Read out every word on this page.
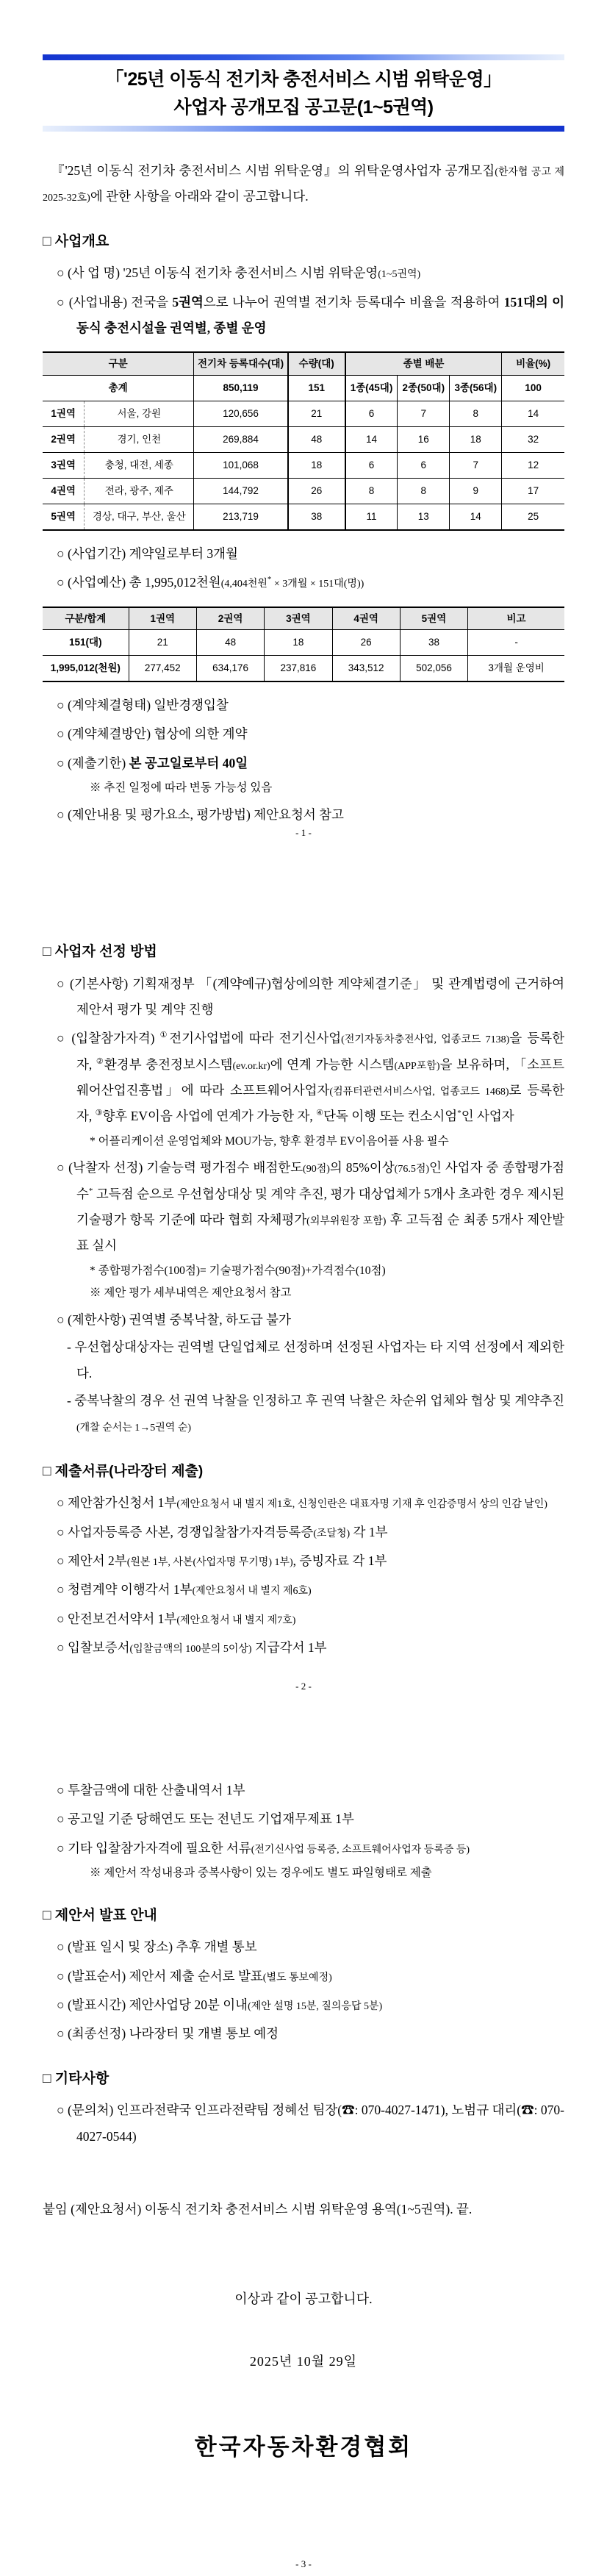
「'25년 이동식 전기차 충전서비스 시범 위탁운영」
사업자 공개모집 공고문(1~5권역)
『'25년 이동식 전기차 충전서비스 시범 위탁운영』의 위탁운영사업자 공개모집(한자협 공고 제2025-32호)에 관한 사항을 아래와 같이 공고합니다.
□ 사업개요
○ (사 업 명) '25년 이동식 전기차 충전서비스 시범 위탁운영(1~5권역)
○ (사업내용) 전국을 5권역으로 나누어 권역별 전기차 등록대수 비율을 적용하여 151대의 이동식 충전시설을 권역별, 종별 운영
구분		전기차 등록대수(대)	수량(대)	종별 배분			비율(%)
총계		850,119	151	1종(45대)	2종(50대)	3종(56대)	100
1권역	서울, 강원	120,656	21	6	7	8	14
2권역	경기, 인천	269,884	48	14	16	18	32
3권역	충청, 대전, 세종	101,068	18	6	6	7	12
4권역	전라, 광주, 제주	144,792	26	8	8	9	17
5권역	경상, 대구, 부산, 울산	213,719	38	11	13	14	25
○ (사업기간) 계약일로부터 3개월
○ (사업예산) 총 1,995,012천원(4,404천원* × 3개월 × 151대(명))
구분/합계	1권역	2권역	3권역	4권역	5권역	비고
151(대)	21	48	18	26	38	-
1,995,012(천원)	277,452	634,176	237,816	343,512	502,056	3개월 운영비
○ (계약체결형태) 일반경쟁입찰
○ (계약체결방안) 협상에 의한 계약
○ (제출기한) 본 공고일로부터 40일
※ 추진 일정에 따라 변동 가능성 있음
○ (제안내용 및 평가요소, 평가방법) 제안요청서 참고
- 1 -
□ 사업자 선정 방법
○ (기본사항) 기획재정부 「(계약예규)협상에의한 계약체결기준」 및 관계법령에 근거하여 제안서 평가 및 계약 진행
○ (입찰참가자격) ①전기사업법에 따라 전기신사업(전기자동차충전사업, 업종코드 7138)을 등록한 자, ②환경부 충전정보시스템(ev.or.kr)에 연계 가능한 시스템(APP포함)을 보유하며, 「소프트웨어산업진흥법」에 따라 소프트웨어사업자(컴퓨터관련서비스사업, 업종코드 1468)로 등록한 자, ③향후 EV이음 사업에 연계가 가능한 자, ④단독 이행 또는 컨소시엄*인 사업자
* 어플리케이션 운영업체와 MOU가능, 향후 환경부 EV이음어플 사용 필수
○ (낙찰자 선정) 기술능력 평가점수 배점한도(90점)의 85%이상(76.5점)인 사업자 중 종합평가점수* 고득점 순으로 우선협상대상 및 계약 추진, 평가 대상업체가 5개사 초과한 경우 제시된 기술평가 항목 기준에 따라 협회 자체평가(외부위원장 포함) 후 고득점 순 최종 5개사 제안발표 실시
* 종합평가점수(100점)= 기술평가점수(90점)+가격점수(10점)
※ 제안 평가 세부내역은 제안요청서 참고
○ (제한사항) 권역별 중복낙찰, 하도급 불가
- 우선협상대상자는 권역별 단일업체로 선정하며 선정된 사업자는 타 지역 선정에서 제외한다.
- 중복낙찰의 경우 선 권역 낙찰을 인정하고 후 권역 낙찰은 차순위 업체와 협상 및 계약추진(개찰 순서는 1→5권역 순)
□ 제출서류(나라장터 제출)
○ 제안참가신청서 1부(제안요청서 내 별지 제1호, 신청인란은 대표자명 기재 후 인감증명서 상의 인감 날인)
○ 사업자등록증 사본, 경쟁입찰참가자격등록증(조달청) 각 1부
○ 제안서 2부(원본 1부, 사본(사업자명 무기명) 1부), 증빙자료 각 1부
○ 청렴계약 이행각서 1부(제안요청서 내 별지 제6호)
○ 안전보건서약서 1부(제안요청서 내 별지 제7호)
○ 입찰보증서(입찰금액의 100분의 5이상) 지급각서 1부
- 2 -
○ 투찰금액에 대한 산출내역서 1부
○ 공고일 기준 당해연도 또는 전년도 기업재무제표 1부
○ 기타 입찰참가자격에 필요한 서류(전기신사업 등록증, 소프트웨어사업자 등록증 등)
※ 제안서 작성내용과 중복사항이 있는 경우에도 별도 파일형태로 제출
□ 제안서 발표 안내
○ (발표 일시 및 장소) 추후 개별 통보
○ (발표순서) 제안서 제출 순서로 발표(별도 통보예정)
○ (발표시간) 제안사업당 20분 이내(제안 설명 15분, 질의응답 5분)
○ (최종선정) 나라장터 및 개별 통보 예정
□ 기타사항
○ (문의처) 인프라전략국 인프라전략팀 정혜선 팀장(☎: 070-4027-1471), 노범규 대리(☎: 070-4027-0544)
붙임 (제안요청서) 이동식 전기차 충전서비스 시범 위탁운영 용역(1~5권역). 끝.
이상과 같이 공고합니다.
2025년 10월 29일
한국자동차환경협회
- 3 -
